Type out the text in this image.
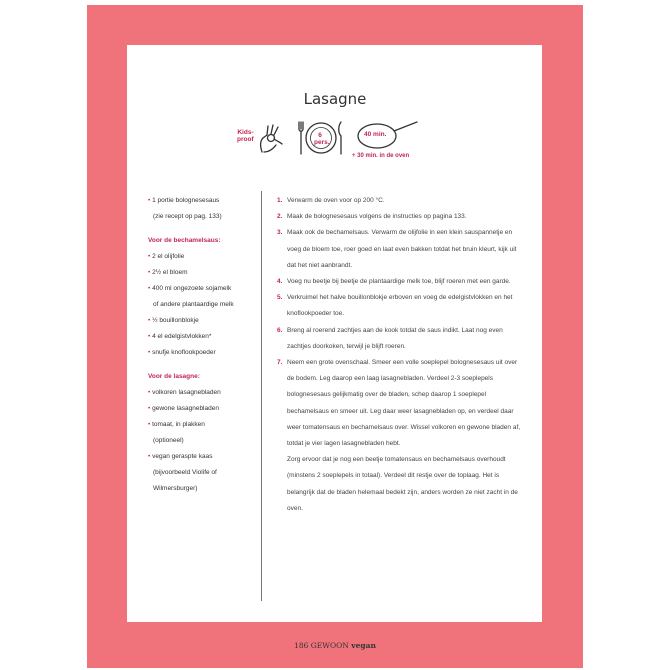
Lasagne
Kids-
proof
6
pers.
40 min.
+ 30 min. in de oven
• 1 portie bolognesesaus
(zie recept op pag. 133)
Voor de bechamelsaus:
• 2 el olijfolie
• 2½ el bloem
• 400 ml ongezoete sojamelk
of andere plantaardige melk
• ½ bouillonblokje
• 4 el edelgistvlokken*
• snufje knoflookpoeder
Voor de lasagne:
• volkoren lasagnebladen
• gewone lasagnebladen
• tomaat, in plakken
(optioneel)
• vegan geraspte kaas
(bijvoorbeeld Violife of
Wilmersburger)
1. Verwarm de oven voor op 200 °C.
2. Maak de bolognesesaus volgens de instructies op pagina 133.
3. Maak ook de bechamelsaus. Verwarm de olijfolie in een klein sauspannetje en voeg de bloem toe, roer goed en laat even bakken totdat het bruin kleurt, kijk uit dat het niet aanbrandt.
4. Voeg nu beetje bij beetje de plantaardige melk toe, blijf roeren met een garde.
5. Verkruimel het halve bouillonblokje erboven en voeg de edelgistvlokken en het knoflookpoeder toe.
6. Breng al roerend zachtjes aan de kook totdat de saus indikt. Laat nog even zachtjes doorkoken, terwijl je blijft roeren.
7. Neem een grote ovenschaal. Smeer een volle soeplepel bolognesesaus uit over de bodem. Leg daarop een laag lasagnebladen. Verdeel 2-3 soeplepels bolognesesaus gelijkmatig over de bladen, schep daarop 1 soeplepel bechamelsaus en smeer uit. Leg daar weer lasagnebladen op, en verdeel daar weer tomatensaus en bechamelsaus over. Wissel volkoren en gewone bladen af, totdat je vier lagen lasagnebladen hebt.
Zorg ervoor dat je nog een beetje tomatensaus en bechamelsaus overhoudt (minstens 2 soeplepels in totaal). Verdeel dit restje over de toplaag. Het is belangrijk dat de bladen helemaal bedekt zijn, anders worden ze niet zacht in de oven.
186 GEWOON vegan
